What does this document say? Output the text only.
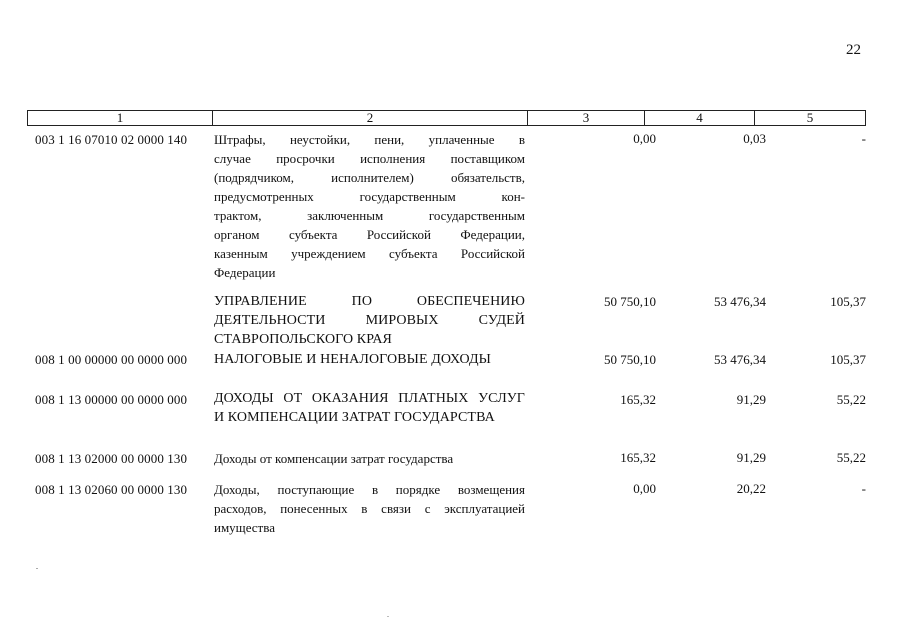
22
1	2	3	4	5
003 1 16 07010 02 0000 140 Штрафы, неустойки, пени, уплаченные в
случае просрочки исполнения поставщиком
(подрядчиком, исполнителем) обязательств,
предусмотренных государственным кон-
трактом, заключенным государственным
органом субъекта Российской Федерации,
казенным учреждением субъекта Российской
Федерации
0,00	0,03	-
УПРАВЛЕНИЕ ПО ОБЕСПЕЧЕНИЮ
ДЕЯТЕЛЬНОСТИ МИРОВЫХ СУДЕЙ
СТАВРОПОЛЬСКОГО КРАЯ
50 750,10	53 476,34	105,37
008 1 00 00000 00 0000 000 НАЛОГОВЫЕ И НЕНАЛОГОВЫЕ ДОХОДЫ	50 750,10	53 476,34	105,37
008 1 13 00000 00 0000 000 ДОХОДЫ ОТ ОКАЗАНИЯ ПЛАТНЫХ УСЛУГ
И КОМПЕНСАЦИИ ЗАТРАТ ГОСУДАРСТВА
165,32	91,29	55,22
008 1 13 02000 00 0000 130 Доходы от компенсации затрат государства	165,32	91,29	55,22
008 1 13 02060 00 0000 130 Доходы, поступающие в порядке возмещения
расходов, понесенных в связи с эксплуатацией
имущества
0,00	20,22	-
